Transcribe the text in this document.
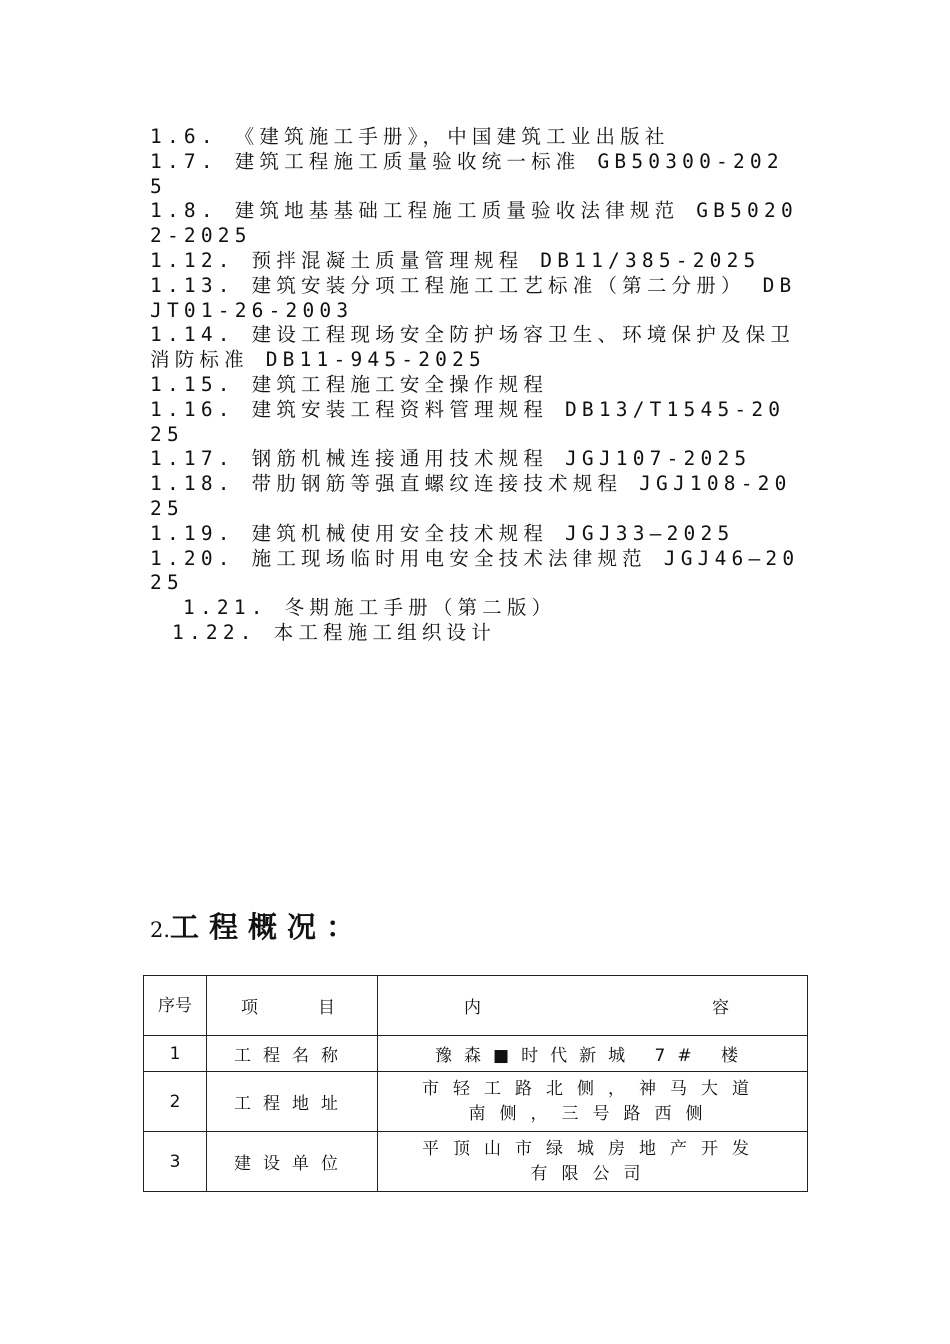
1.6. 《建筑施工手册》，中国建筑工业出版社
1.7. 建筑工程施工质量验收统一标准 GB50300-2025
1.8. 建筑地基基础工程施工质量验收法律规范 GB50202-2025
1.12. 预拌混凝土质量管理规程 DB11/385-2025
1.13. 建筑安装分项工程施工工艺标准（第二分册） DBJT01-26-2003
1.14. 建设工程现场安全防护场容卫生、环境保护及保卫消防标准 DB11-945-2025
1.15. 建筑工程施工安全操作规程
1.16. 建筑安装工程资料管理规程 DB13/T1545-2025
1.17. 钢筋机械连接通用技术规程 JGJ107-2025
1.18. 带肋钢筋等强直螺纹连接技术规程 JGJ108-2025
1.19. 建筑机械使用安全技术规程 JGJ33—2025
1.20. 施工现场临时用电安全技术法律规范 JGJ46—2025
1.21. 冬期施工手册（第二版）
1.22. 本工程施工组织设计
2.工程概况：
序号	项 目	内 容

1	工程名称	豫森■时代新城 7# 楼
2	工程地址	市轻工路北侧，神马大道南侧，三号路西侧
3	建设单位	平顶山市绿城房地产开发有限公司
